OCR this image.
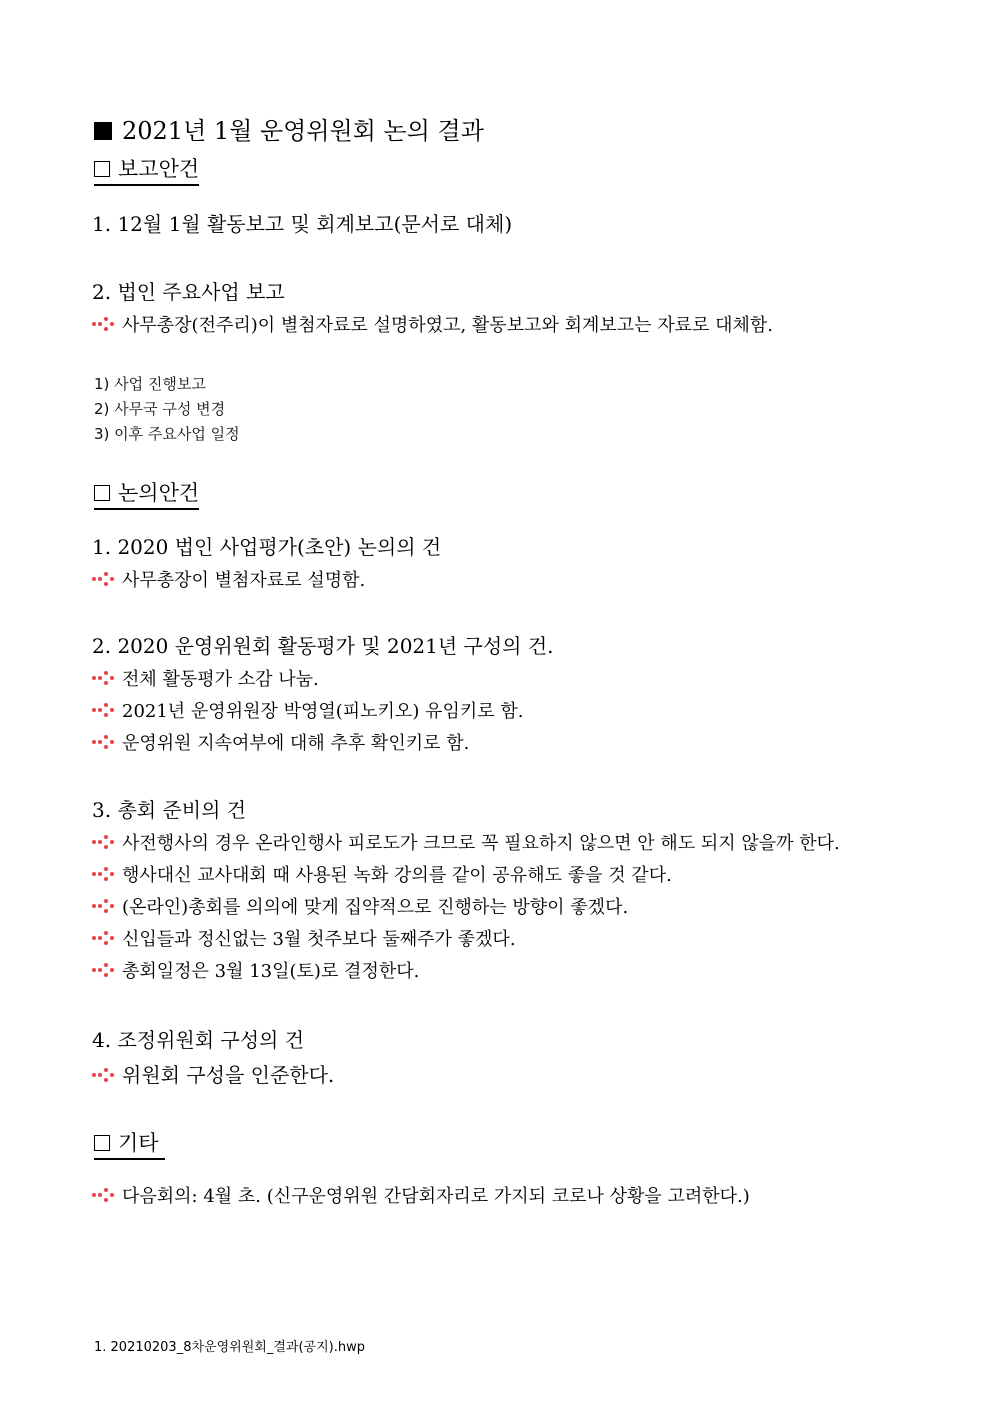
2021년 1월 운영위원회 논의 결과
보고안건
1. 12월 1월 활동보고 및 회계보고(문서로 대체)
2. 법인 주요사업 보고
사무총장(전주리)이 별첨자료로 설명하였고, 활동보고와 회계보고는 자료로 대체함.
1) 사업 진행보고
2) 사무국 구성 변경
3) 이후 주요사업 일정
논의안건
1. 2020 법인 사업평가(초안) 논의의 건
사무총장이 별첨자료로 설명함.
2. 2020 운영위원회 활동평가 및 2021년 구성의 건.
전체 활동평가 소감 나눔.
2021년 운영위원장 박영열(피노키오) 유임키로 함.
운영위원 지속여부에 대해 추후 확인키로 함.
3. 총회 준비의 건
사전행사의 경우 온라인행사 피로도가 크므로 꼭 필요하지 않으면 안 해도 되지 않을까 한다.
행사대신 교사대회 때 사용된 녹화 강의를 같이 공유해도 좋을 것 같다.
(온라인)총회를 의의에 맞게 집약적으로 진행하는 방향이 좋겠다.
신입들과 정신없는 3월 첫주보다 둘째주가 좋겠다.
총회일정은 3월 13일(토)로 결정한다.
4. 조정위원회 구성의 건
위원회 구성을 인준한다.
기타
다음회의: 4월 초. (신구운영위원 간담회자리로 가지되 코로나 상황을 고려한다.)
1. 20210203_8차운영위원회_결과(공지).hwp
